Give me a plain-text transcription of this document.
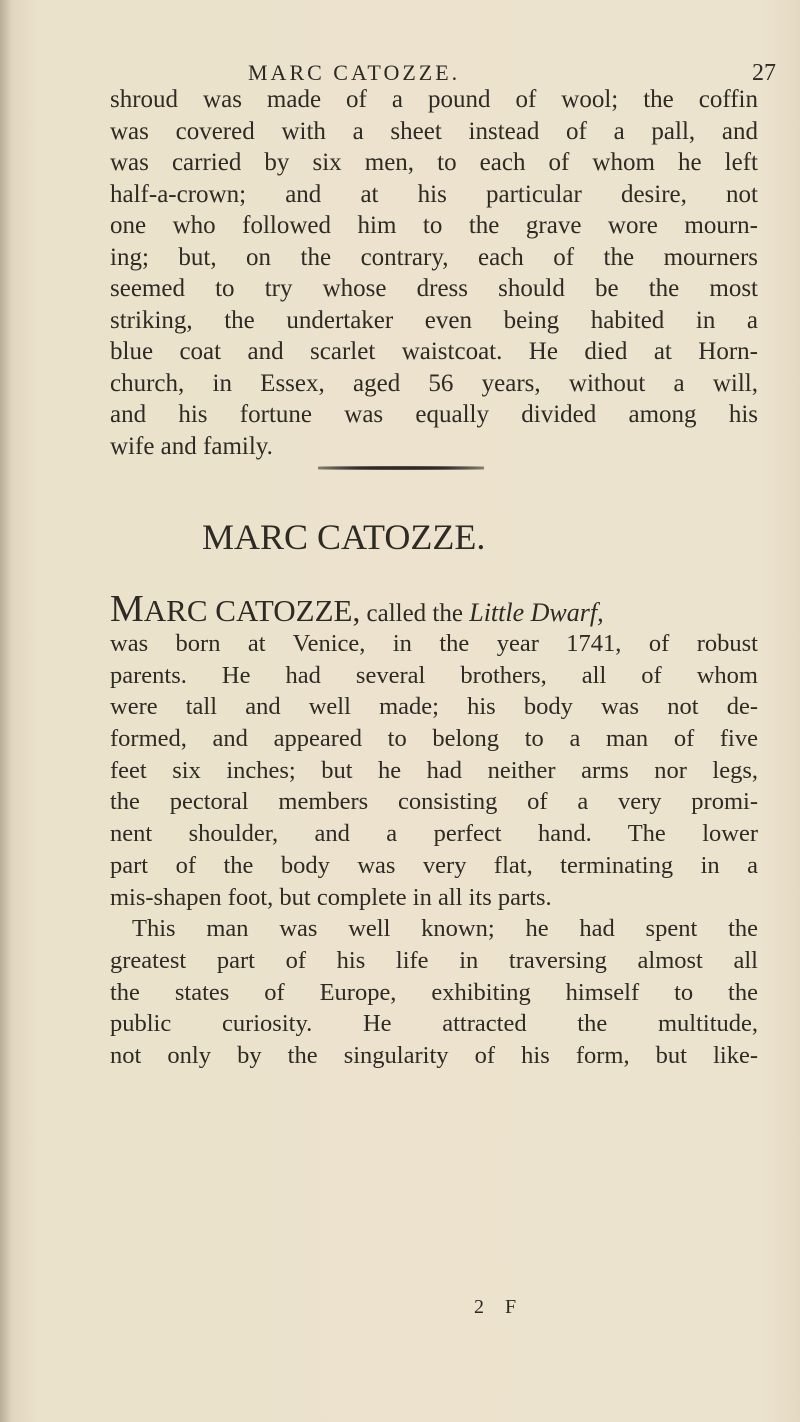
MARC CATOZZE.	27
shroud was made of a pound of wool; the coffin
was covered with a sheet instead of a pall, and
was carried by six men, to each of whom he left
half-a-crown; and at his particular desire, not
one who followed him to the grave wore mourn-
ing; but, on the contrary, each of the mourners
seemed to try whose dress should be the most
striking, the undertaker even being habited in a
blue coat and scarlet waistcoat. He died at Horn-
church, in Essex, aged 56 years, without a will,
and his fortune was equally divided among his
wife and family.
MARC CATOZZE.
MARC CATOZZE, called the Little Dwarf,
was born at Venice, in the year 1741, of robust
parents. He had several brothers, all of whom
were tall and well made; his body was not de-
formed, and appeared to belong to a man of five
feet six inches; but he had neither arms nor legs,
the pectoral members consisting of a very promi-
nent shoulder, and a perfect hand. The lower
part of the body was very flat, terminating in a
mis-shapen foot, but complete in all its parts.
This man was well known; he had spent the
greatest part of his life in traversing almost all
the states of Europe, exhibiting himself to the
public curiosity. He attracted the multitude,
not only by the singularity of his form, but like-
2 F
